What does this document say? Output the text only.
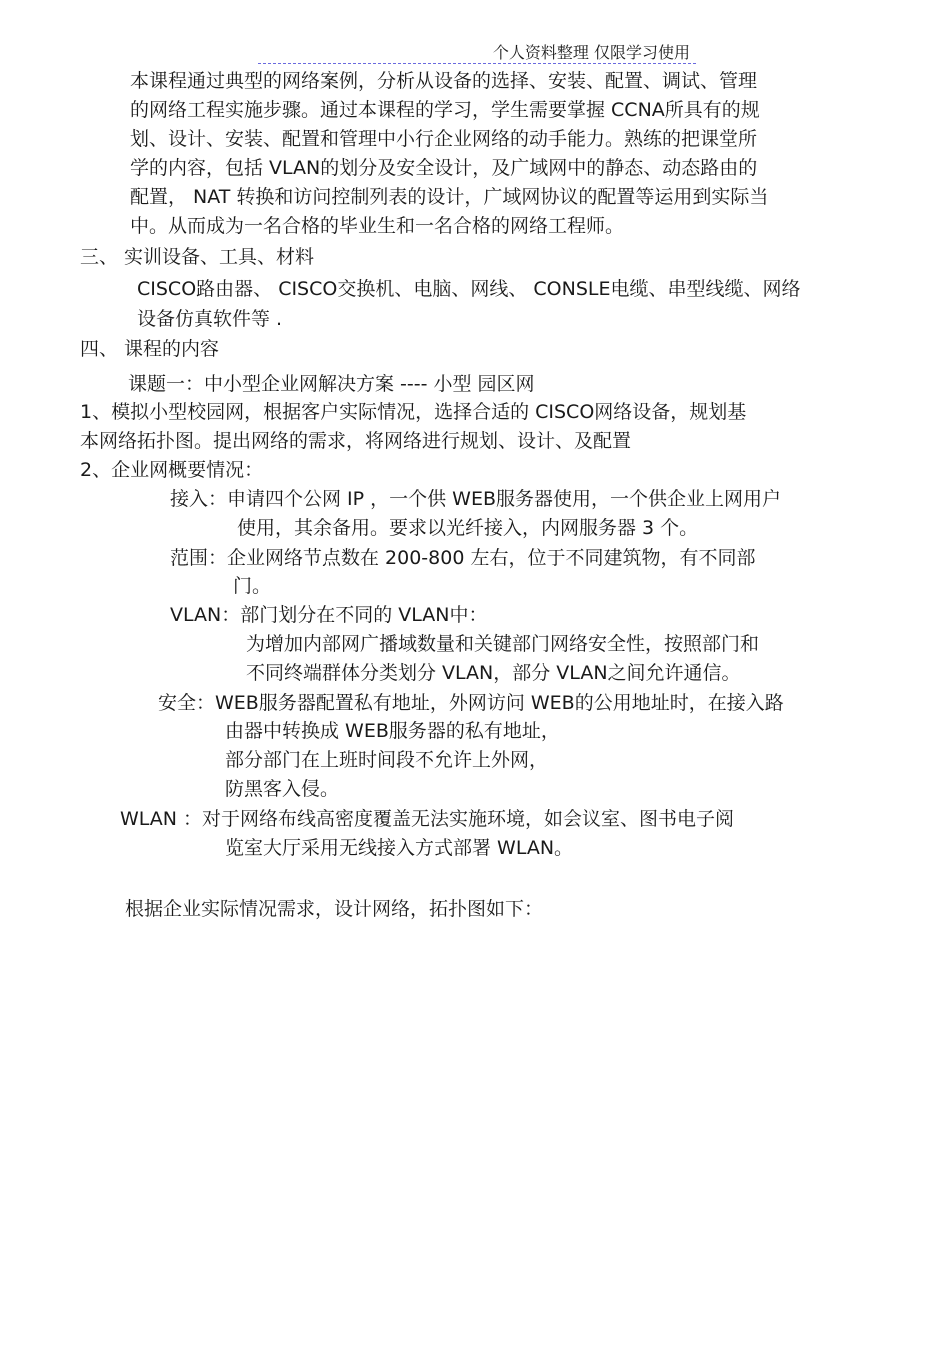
个人资料整理 仅限学习使用
本课程通过典型的网络案例，分析从设备的选择、安装、配置、调试、管理
的网络工程实施步骤。通过本课程的学习，学生需要掌握 CCNA所具有的规
划、设计、安装、配置和管理中小行企业网络的动手能力。熟练的把课堂所
学的内容，包括 VLAN的划分及安全设计，及广域网中的静态、动态路由的
配置， NAT 转换和访问控制列表的设计，广域网协议的配置等运用到实际当
中。从而成为一名合格的毕业生和一名合格的网络工程师。
三、 实训设备、工具、材料
CISCO路由器、 CISCO交换机、电脑、网线、 CONSLE电缆、串型线缆、网络
设备仿真软件等 .
四、 课程的内容
课题一：中小型企业网解决方案 ---- 小型 园区网
1、模拟小型校园网，根据客户实际情况，选择合适的 CISCO网络设备，规划基
本网络拓扑图。提出网络的需求，将网络进行规划、设计、及配置
2、企业网概要情况：
接入：申请四个公网 IP ，一个供 WEB服务器使用，一个供企业上网用户
使用，其余备用。要求以光纤接入，内网服务器 3 个。
范围：企业网络节点数在 200-800 左右，位于不同建筑物，有不同部
门。
VLAN：部门划分在不同的 VLAN中：
为增加内部网广播域数量和关键部门网络安全性，按照部门和
不同终端群体分类划分 VLAN，部分 VLAN之间允许通信。
安全：WEB服务器配置私有地址，外网访问 WEB的公用地址时，在接入路
由器中转换成 WEB服务器的私有地址，
部分部门在上班时间段不允许上外网，
防黑客入侵。
WLAN ：对于网络布线高密度覆盖无法实施环境，如会议室、图书电子阅
览室大厅采用无线接入方式部署 WLAN。
根据企业实际情况需求，设计网络，拓扑图如下：
